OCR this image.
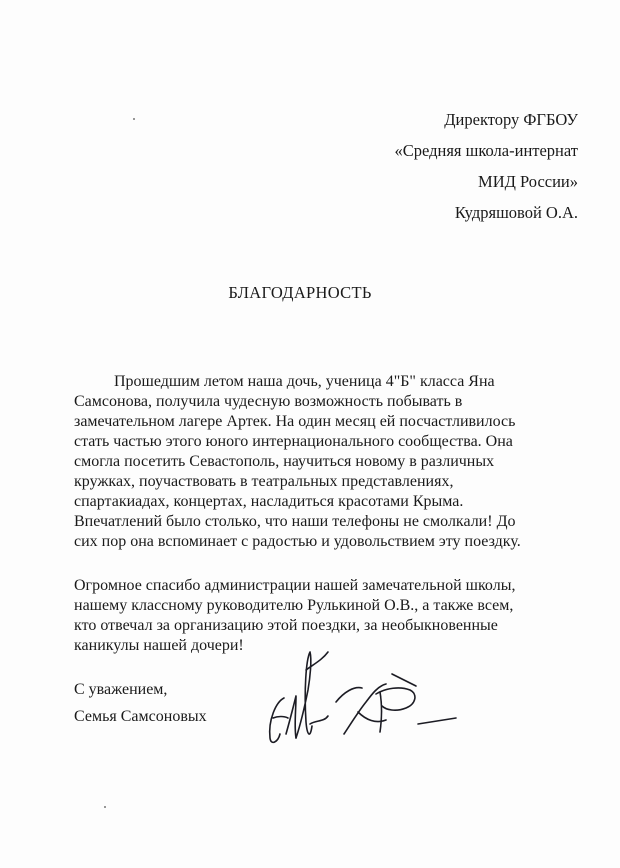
Директору ФГБОУ
«Средняя школа-интернат
МИД России»
Кудряшовой О.А.
БЛАГОДАРНОСТЬ
Прошедшим летом наша дочь, ученица 4"Б" класса Яна
Самсонова, получила чудесную возможность побывать в
замечательном лагере Артек. На один месяц ей посчастливилось
стать частью этого юного интернационального сообщества. Она
смогла посетить Севастополь, научиться новому в различных
кружках, поучаствовать в театральных представлениях,
спартакиадах, концертах, насладиться красотами Крыма.
Впечатлений было столько, что наши телефоны не смолкали! До
сих пор она вспоминает с радостью и удовольствием эту поездку.
Огромное спасибо администрации нашей замечательной школы,
нашему классному руководителю Рулькиной О.В., а также всем,
кто отвечал за организацию этой поездки, за необыкновенные
каникулы нашей дочери!
С уважением,
Семья Самсоновых
